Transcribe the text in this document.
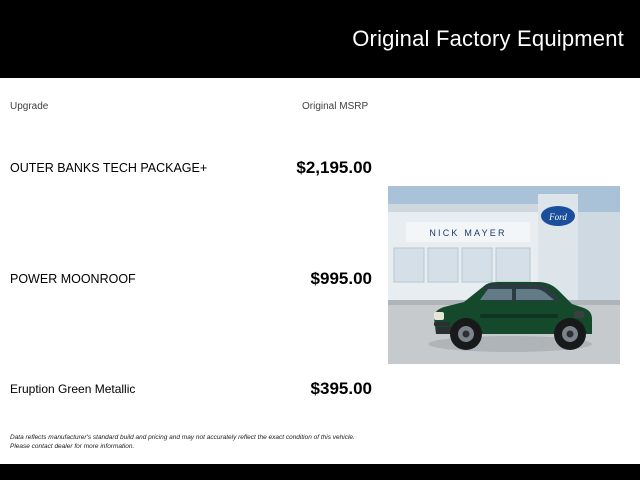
Original Factory Equipment
Upgrade	Original MSRP
OUTER BANKS TECH PACKAGE+	$2,195.00
POWER MOONROOF	$995.00
Eruption Green Metallic	$395.00
NICK MAYER
Ford
Data reflects manufacturer's standard build and pricing and may not accurately reflect the exact condition of this vehicle.
Please contact dealer for more information.
